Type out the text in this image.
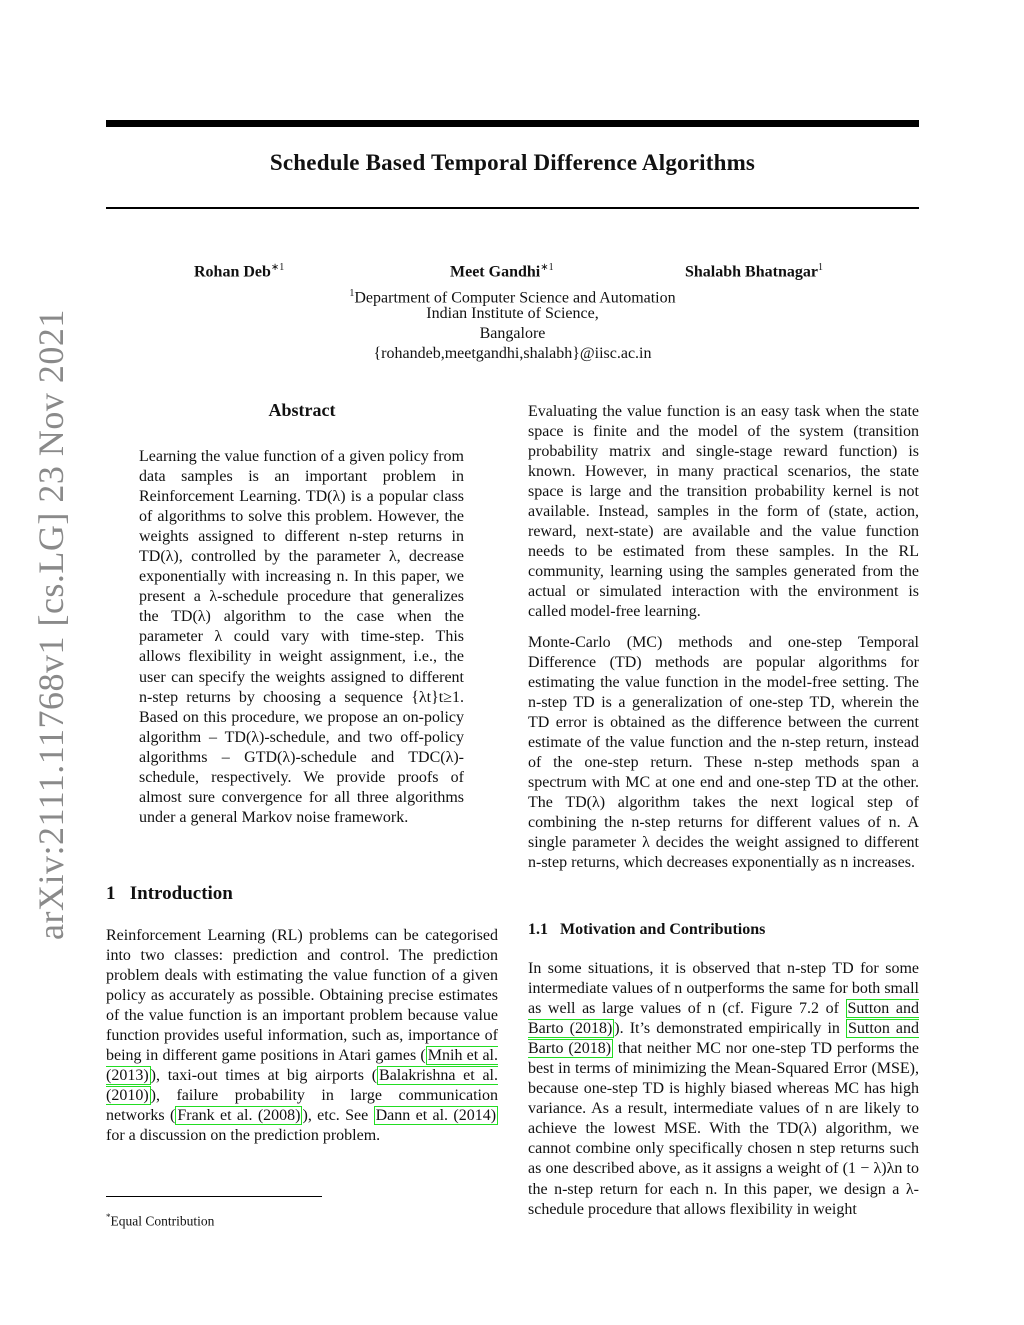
arXiv:2111.11768v1 [cs.LG] 23 Nov 2021
Schedule Based Temporal Difference Algorithms
Rohan Deb$^{∗1}$	Meet Gandhi$^{∗1}$	Shalabh Bhatnagar$^1$
$^1$Department of Computer Science and Automation
Indian Institute of Science,
Bangalore
{rohandeb,meetgandhi,shalabh}@iisc.ac.in
Abstract

Learning the value function of a given policy from data samples is an important problem in Reinforcement Learning. TD(λ) is a popular class of algorithms to solve this problem. However, the weights assigned to different n-step returns in TD(λ), controlled by the parameter λ, decrease exponentially with increasing n. In this paper, we present a λ-schedule procedure that generalizes the TD(λ) algorithm to the case when the parameter λ could vary with time-step. This allows flexibility in weight assignment, i.e., the user can specify the weights assigned to different n-step returns by choosing a sequence {λt}t≥1. Based on this procedure, we propose an on-policy algorithm – TD(λ)-schedule, and two off-policy algorithms – GTD(λ)-schedule and TDC(λ)-schedule, respectively. We provide proofs of almost sure convergence for all three algorithms under a general Markov noise framework.

1 Introduction

Reinforcement Learning (RL) problems can be categorised into two classes: prediction and control. The prediction problem deals with estimating the value function of a given policy as accurately as possible. Obtaining precise estimates of the value function is an important problem because value function provides useful information, such as, importance of being in different game positions in Atari games ( Mnih et al. (2013) ), taxi-out times at big airports ( Balakrishna et al. (2010) ), failure probability in large communication networks ( Frank et al. (2008) ), etc. See Dann et al. (2014) for a discussion on the prediction problem.

Evaluating the value function is an easy task when the state space is finite and the model of the system (transition probability matrix and single-stage reward function) is known. However, in many practical scenarios, the state space is large and the transition probability kernel is not available. Instead, samples in the form of (state, action, reward, next-state) are available and the value function needs to be estimated from these samples. In the RL community, learning using the samples generated from the actual or simulated interaction with the environment is called model-free learning.

Monte-Carlo (MC) methods and one-step Temporal Difference (TD) methods are popular algorithms for estimating the value function in the model-free setting. The n-step TD is a generalization of one-step TD, wherein the TD error is obtained as the difference between the current estimate of the value function and the n-step return, instead of the one-step return. These n-step methods span a spectrum with MC at one end and one-step TD at the other. The TD(λ) algorithm takes the next logical step of combining the n-step returns for different values of n. A single parameter λ decides the weight assigned to different n-step returns, which decreases exponentially as n increases.

1.1 Motivation and Contributions

In some situations, it is observed that n-step TD for some intermediate values of n outperforms the same for both small as well as large values of n (cf. Figure 7.2 of Sutton and Barto (2018) ). It’s demonstrated empirically in Sutton and Barto (2018) that neither MC nor one-step TD performs the best in terms of minimizing the Mean-Squared Error (MSE), because one-step TD is highly biased whereas MC has high variance. As a result, intermediate values of n are likely to achieve the lowest MSE. With the TD(λ) algorithm, we cannot combine only specifically chosen n step returns such as one described above, as it assigns a weight of (1 − λ)λn to the n-step return for each n. In this paper, we design a λ-schedule procedure that allows flexibility in weight

*Equal Contribution
